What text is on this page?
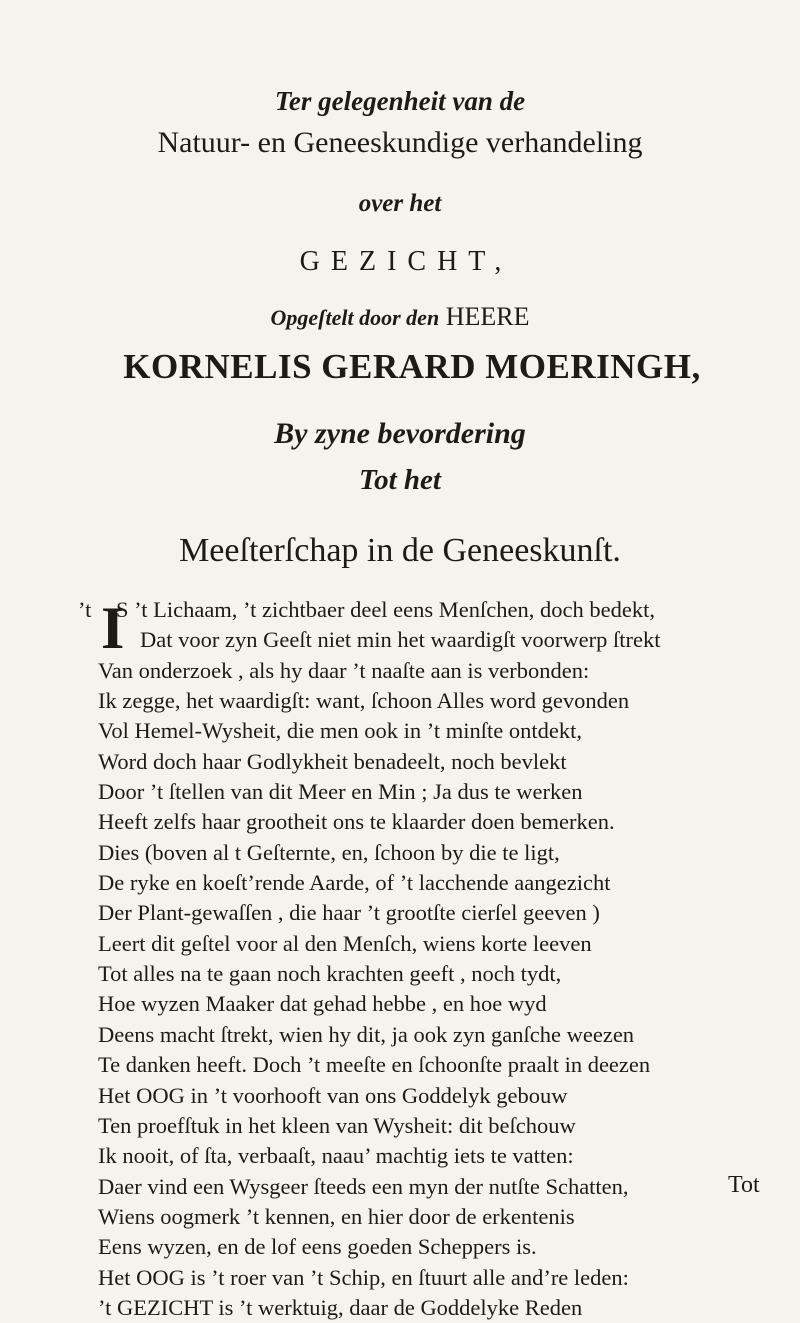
Ter gelegenheit van de
Natuur- en Geneeskundige verhandeling
over het
GEZICHT,
Opgeſtelt door den HEERE
KORNELIS GERARD MOERINGH,
By zyne bevordering
Tot het
Meeſterſchap in de Geneeskunſt.
’t I
S ’t Lichaam, ’t zichtbaer deel eens Menſchen, doch bedekt,
Dat voor zyn Geeſt niet min het waardigſt voorwerp ſtrekt
Van onderzoek , als hy daar ’t naaſte aan is verbonden:
Ik zegge, het waardigſt: want, ſchoon Alles word gevonden
Vol Hemel-Wysheit, die men ook in ’t minſte ontdekt,
Word doch haar Godlykheit benadeelt, noch bevlekt
Door ’t ſtellen van dit Meer en Min ; Ja dus te werken
Heeft zelfs haar grootheit ons te klaarder doen bemerken.
Dies (boven al t Geſternte, en, ſchoon by die te ligt,
De ryke en koeſt’rende Aarde, of ’t lacchende aangezicht
Der Plant-gewaſſen , die haar ’t grootſte cierſel geeven )
Leert dit geſtel voor al den Menſch, wiens korte leeven
Tot alles na te gaan noch krachten geeft , noch tydt,
Hoe wyzen Maaker dat gehad hebbe , en hoe wyd
Deens macht ſtrekt, wien hy dit, ja ook zyn ganſche weezen
Te danken heeft. Doch ’t meeſte en ſchoonſte praalt in deezen
Het OOG in ’t voorhooft van ons Goddelyk gebouw
Ten proefſtuk in het kleen van Wysheit: dit beſchouw
Ik nooit, of ſta, verbaaſt, naau’ machtig iets te vatten:
Daer vind een Wysgeer ſteeds een myn der nutſte Schatten,
Wiens oogmerk ’t kennen, en hier door de erkentenis
Eens wyzen, en de lof eens goeden Scheppers is.
Het OOG is ’t roer van ’t Schip, en ſtuurt alle and’re leden:
’t GEZICHT is ’t werktuig, daar de Goddelyke Reden
Tot
